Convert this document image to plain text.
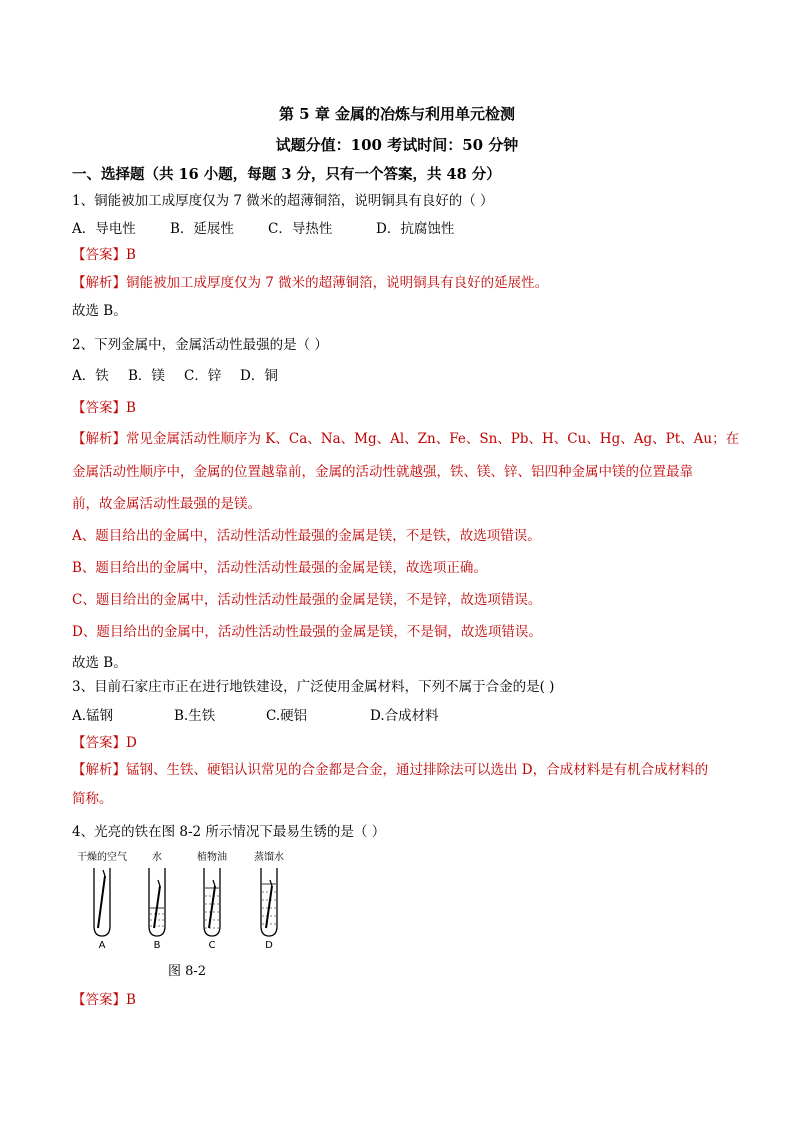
第 5 章 金属的冶炼与利用单元检测
试题分值：100 考试时间：50 分钟
一、选择题（共 16 小题，每题 3 分，只有一个答案，共 48 分）
1、铜能被加工成厚度仅为 7 微米的超薄铜箔，说明铜具有良好的（ ）
A．导电性	B．延展性	C．导热性	D．抗腐蚀性
【答案】B
【解析】铜能被加工成厚度仅为 7 微米的超薄铜箔，说明铜具有良好的延展性。
故选 B。
2、下列金属中，金属活动性最强的是（ ）
A．铁 B．镁 C．锌 D．铜
【答案】B
【解析】常见金属活动性顺序为 K、Ca、Na、Mg、Al、Zn、Fe、Sn、Pb、H、Cu、Hg、Ag、Pt、Au；在
金属活动性顺序中，金属的位置越靠前，金属的活动性就越强，铁、镁、锌、铝四种金属中镁的位置最靠
前，故金属活动性最强的是镁。
A、题目给出的金属中，活动性活动性最强的金属是镁，不是铁，故选项错误。
B、题目给出的金属中，活动性活动性最强的金属是镁，故选项正确。
C、题目给出的金属中，活动性活动性最强的金属是镁，不是锌，故选项错误。
D、题目给出的金属中，活动性活动性最强的金属是镁，不是铜，故选项错误。
故选 B。
3、目前石家庄市正在进行地铁建设，广泛使用金属材料，下列不属于合金的是( )
A.锰钢	B.生铁	C.硬铝	D.合成材料
【答案】D
【解析】锰钢、生铁、硬铝认识常见的合金都是合金，通过排除法可以选出 D，合成材料是有机合成材料的
简称。
4、光亮的铁在图 8-2 所示情况下最易生锈的是（ ）
干燥的空气	水	植物油	蒸馏水
A	B	C	D
图 8-2
【答案】B
